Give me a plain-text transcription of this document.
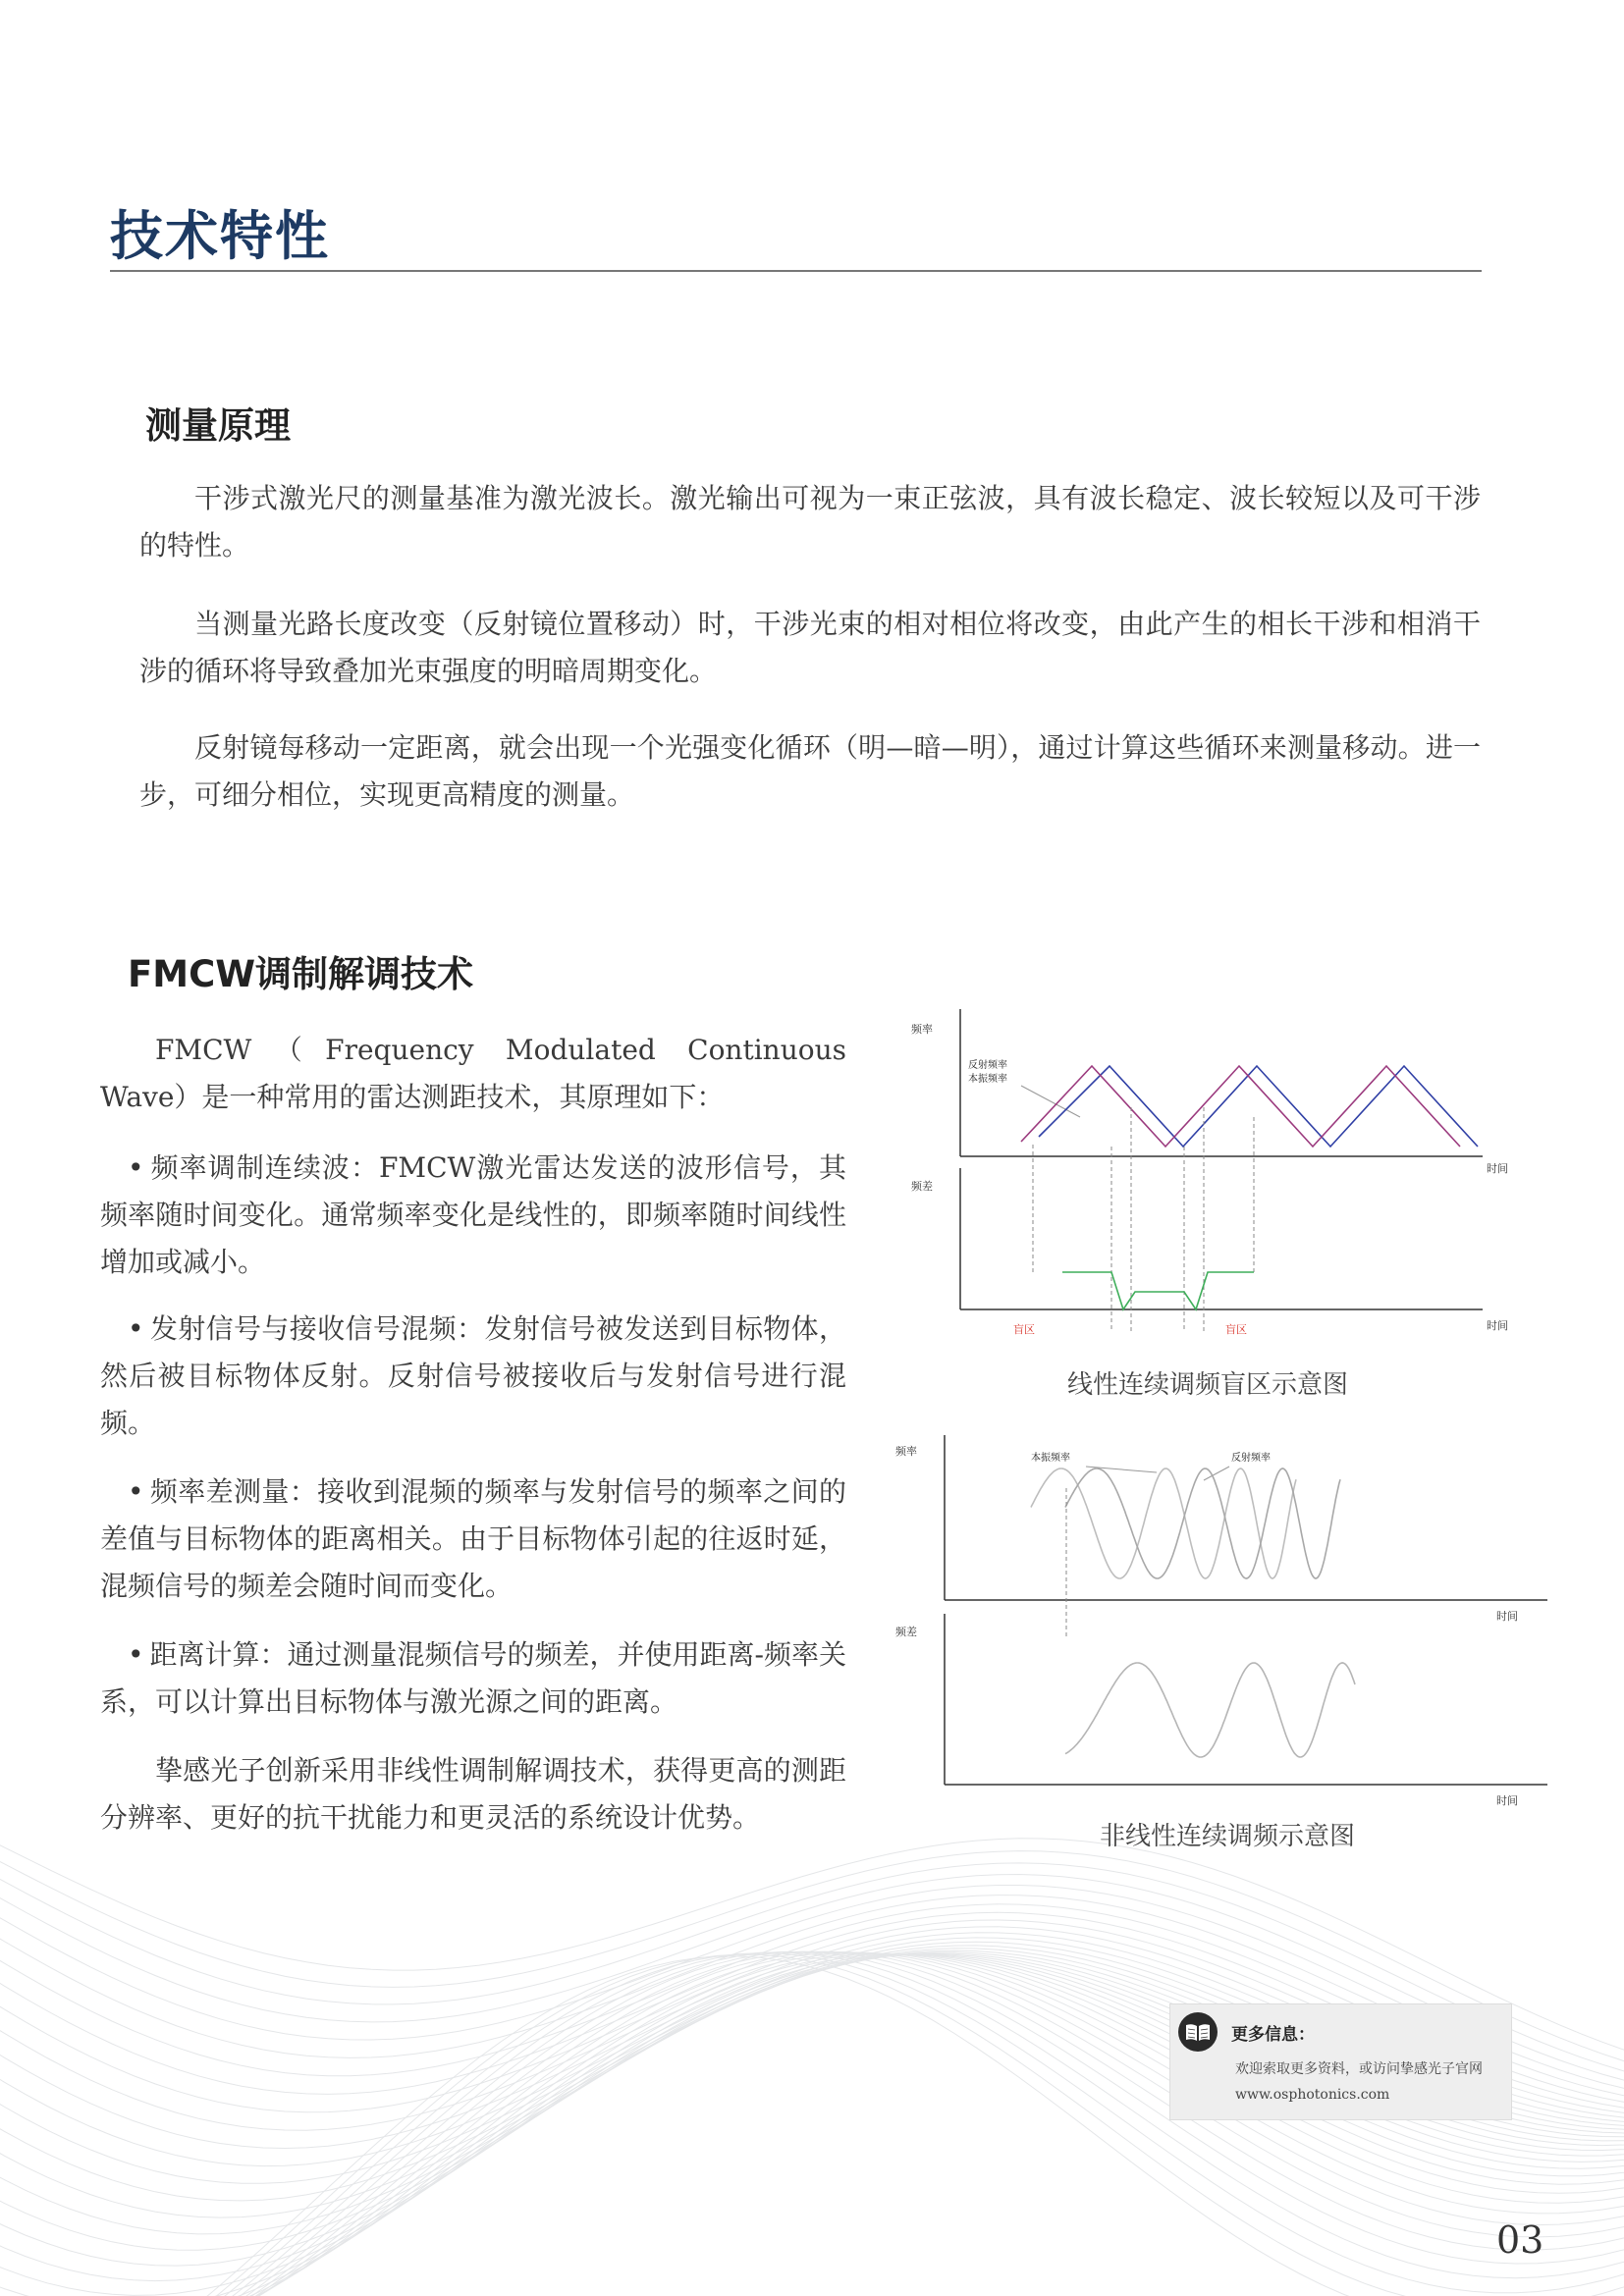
技术特性
测量原理

干涉式激光尺的测量基准为激光波长。激光输出可视为一束正弦波，具有波长稳定、波长较短以及可干涉的特性。

当测量光路长度改变（反射镜位置移动）时，干涉光束的相对相位将改变，由此产生的相长干涉和相消干涉的循环将导致叠加光束强度的明暗周期变化。

反射镜每移动一定距离，就会出现一个光强变化循环（明—暗—明），通过计算这些循环来测量移动。进一步，可细分相位，实现更高精度的测量。

FMCW调制解调技术

FMCW（Frequency Modulated Continuous Wave）是一种常用的雷达测距技术，其原理如下：

• 频率调制连续波：FMCW激光雷达发送的波形信号，其频率随时间变化。通常频率变化是线性的，即频率随时间线性增加或减小。

• 发射信号与接收信号混频：发射信号被发送到目标物体，然后被目标物体反射。反射信号被接收后与发射信号进行混频。

• 频率差测量：接收到混频的频率与发射信号的频率之间的差值与目标物体的距离相关。由于目标物体引起的往返时延，混频信号的频差会随时间而变化。

• 距离计算：通过测量混频信号的频差，并使用距离-频率关系，可以计算出目标物体与激光源之间的距离。

挚感光子创新采用非线性调制解调技术，获得更高的测距分辨率、更好的抗干扰能力和更灵活的系统设计优势。

频率
时间
反射频率
本振频率
频差
时间
盲区	盲区

线性连续调频盲区示意图

频率
时间
本振频率	反射频率
频差
时间

非线性连续调频示意图

更多信息：

欢迎索取更多资料，或访问挚感光子官网

www.osphotonics.com

03
